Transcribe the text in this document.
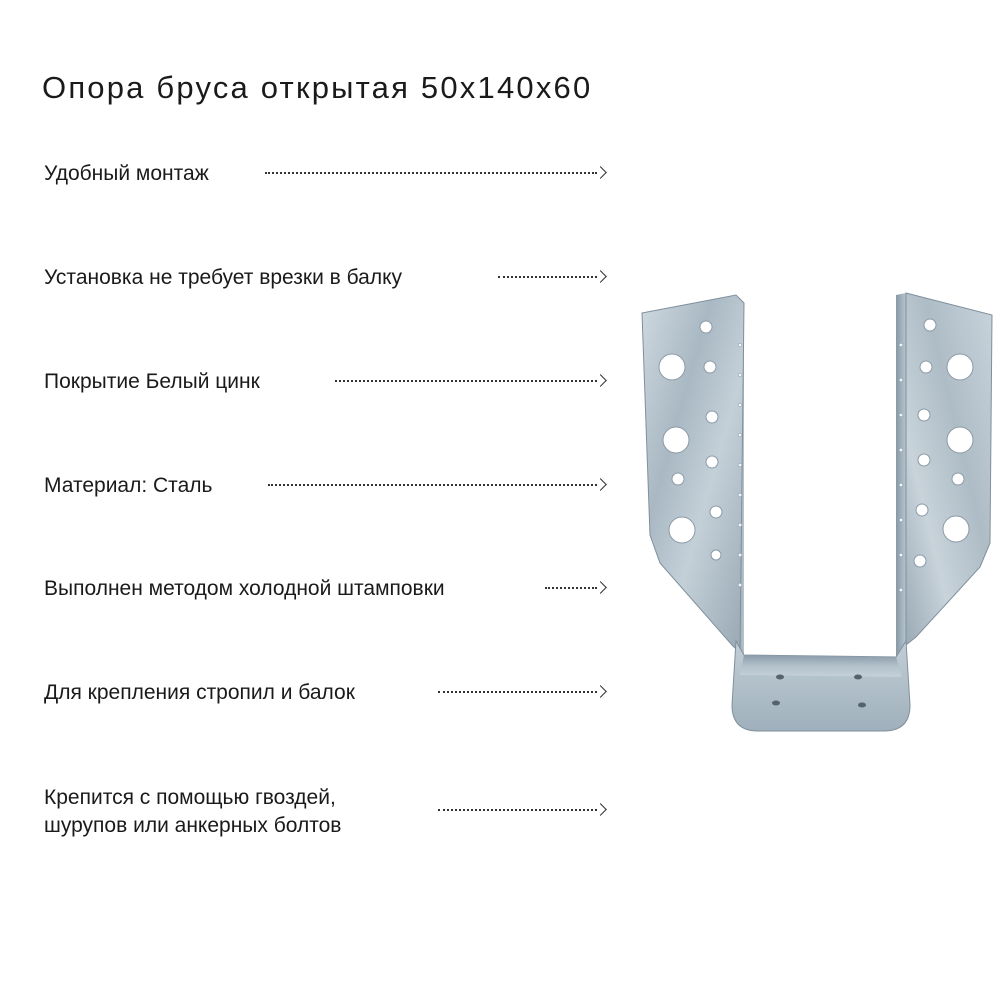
Опора бруса открытая 50x140x60
Удобный монтаж
Установка не требует врезки в балку
Покрытие Белый цинк
Материал: Сталь
Выполнен методом холодной штамповки
Для крепления стропил и балок
Крепится с помощью гвоздей,
шурупов или анкерных болтов
